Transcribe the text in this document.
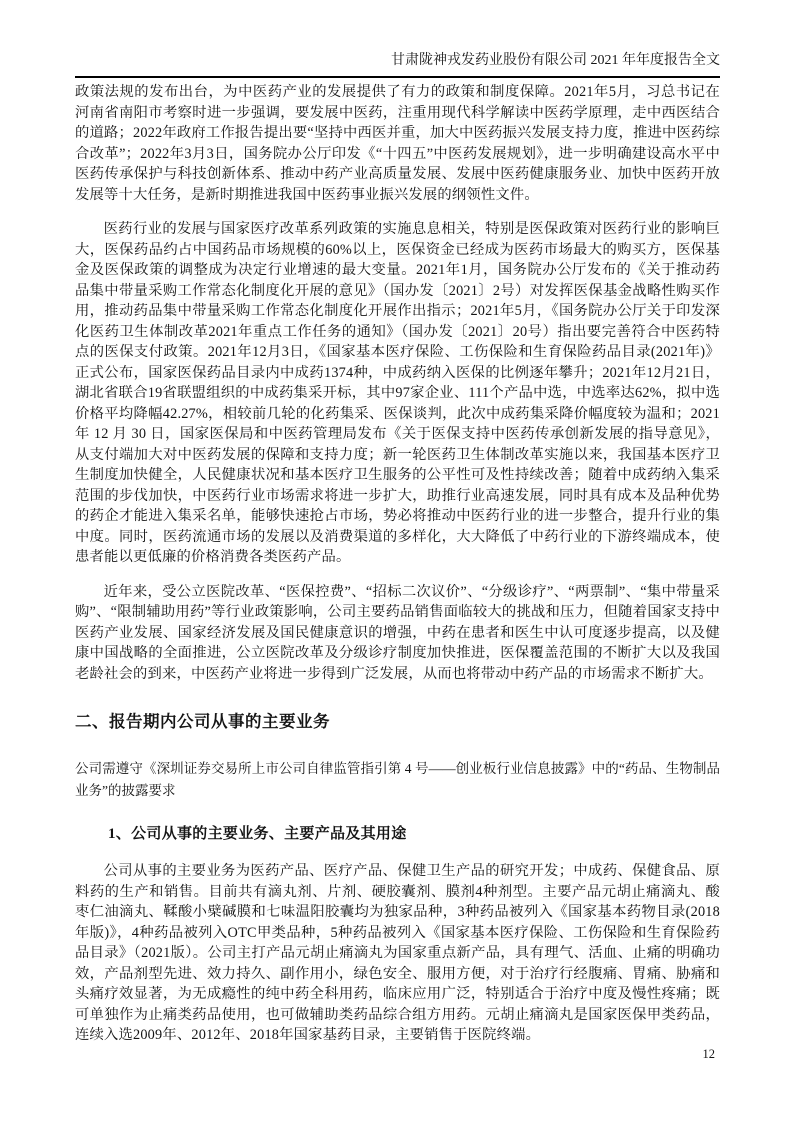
甘肃陇神戎发药业股份有限公司 2021 年年度报告全文

政策法规的发布出台，为中医药产业的发展提供了有力的政策和制度保障。2021年5月，习总书记在河南省南阳市考察时进一步强调，要发展中医药，注重用现代科学解读中医药学原理，走中西医结合的道路；2022年政府工作报告提出要“坚持中西医并重，加大中医药振兴发展支持力度，推进中医药综合改革”；2022年3月3日，国务院办公厅印发《“十四五”中医药发展规划》，进一步明确建设高水平中医药传承保护与科技创新体系、推动中药产业高质量发展、发展中医药健康服务业、加快中医药开放发展等十大任务，是新时期推进我国中医药事业振兴发展的纲领性文件。

医药行业的发展与国家医疗改革系列政策的实施息息相关，特别是医保政策对医药行业的影响巨大，医保药品约占中国药品市场规模的60%以上，医保资金已经成为医药市场最大的购买方，医保基金及医保政策的调整成为决定行业增速的最大变量。2021年1月，国务院办公厅发布的《关于推动药品集中带量采购工作常态化制度化开展的意见》（国办发〔2021〕2号）对发挥医保基金战略性购买作用，推动药品集中带量采购工作常态化制度化开展作出指示；2021年5月，《国务院办公厅关于印发深化医药卫生体制改革2021年重点工作任务的通知》（国办发〔2021〕20号）指出要完善符合中医药特点的医保支付政策。2021年12月3日，《国家基本医疗保险、工伤保险和生育保险药品目录(2021年)》正式公布，国家医保药品目录内中成药1374种，中成药纳入医保的比例逐年攀升；2021年12月21日，湖北省联合19省联盟组织的中成药集采开标，其中97家企业、111个产品中选，中选率达62%，拟中选价格平均降幅42.27%，相较前几轮的化药集采、医保谈判，此次中成药集采降价幅度较为温和；2021 年 12 月 30 日，国家医保局和中医药管理局发布《关于医保支持中医药传承创新发展的指导意见》，从支付端加大对中医药发展的保障和支持力度；新一轮医药卫生体制改革实施以来，我国基本医疗卫生制度加快健全，人民健康状况和基本医疗卫生服务的公平性可及性持续改善；随着中成药纳入集采范围的步伐加快，中医药行业市场需求将进一步扩大，助推行业高速发展，同时具有成本及品种优势的药企才能进入集采名单，能够快速抢占市场，势必将推动中医药行业的进一步整合，提升行业的集中度。同时，医药流通市场的发展以及消费渠道的多样化，大大降低了中药行业的下游终端成本，使患者能以更低廉的价格消费各类医药产品。

近年来，受公立医院改革、“医保控费”、“招标二次议价”、“分级诊疗”、“两票制”、“集中带量采购”、“限制辅助用药”等行业政策影响，公司主要药品销售面临较大的挑战和压力，但随着国家支持中医药产业发展、国家经济发展及国民健康意识的增强，中药在患者和医生中认可度逐步提高，以及健康中国战略的全面推进，公立医院改革及分级诊疗制度加快推进，医保覆盖范围的不断扩大以及我国老龄社会的到来，中医药产业将进一步得到广泛发展，从而也将带动中药产品的市场需求不断扩大。

二、报告期内公司从事的主要业务

公司需遵守《深圳证券交易所上市公司自律监管指引第 4 号——创业板行业信息披露》中的“药品、生物制品业务”的披露要求

1、公司从事的主要业务、主要产品及其用途

公司从事的主要业务为医药产品、医疗产品、保健卫生产品的研究开发；中成药、保健食品、原料药的生产和销售。目前共有滴丸剂、片剂、硬胶囊剂、膜剂4种剂型。主要产品元胡止痛滴丸、酸枣仁油滴丸、鞣酸小檗碱膜和七味温阳胶囊均为独家品种，3种药品被列入《国家基本药物目录(2018年版)》，4种药品被列入OTC甲类品种，5种药品被列入《国家基本医疗保险、工伤保险和生育保险药品目录》（2021版）。公司主打产品元胡止痛滴丸为国家重点新产品，具有理气、活血、止痛的明确功效，产品剂型先进、效力持久、副作用小，绿色安全、服用方便，对于治疗行经腹痛、胃痛、胁痛和头痛疗效显著，为无成瘾性的纯中药全科用药，临床应用广泛，特别适合于治疗中度及慢性疼痛；既可单独作为止痛类药品使用，也可做辅助类药品综合组方用药。元胡止痛滴丸是国家医保甲类药品，连续入选2009年、2012年、2018年国家基药目录，主要销售于医院终端。

12
